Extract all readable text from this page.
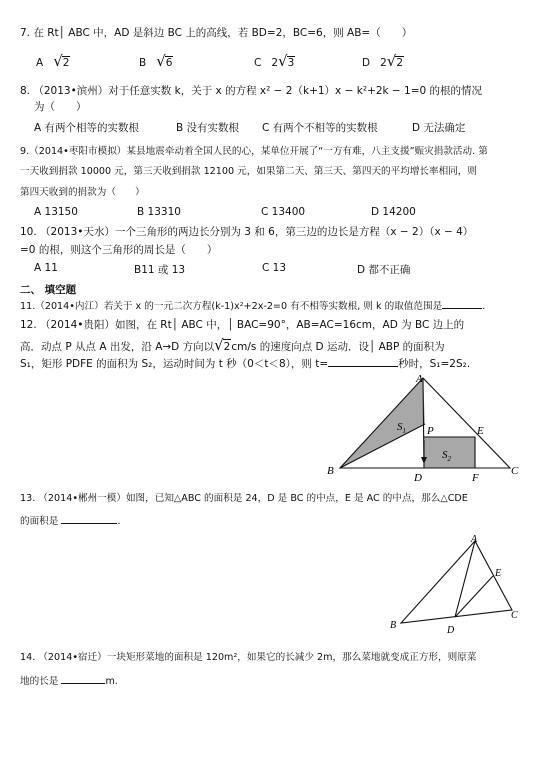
7. 在 Rt│ ABC 中，AD 是斜边 BC 上的高线，若 BD=2，BC=6，则 AB=（　　）
A √2	B √6	C 2√3	D 2√2
8. （2013•滨州）对于任意实数 k，关于 x 的方程 x² − 2（k+1）x − k²+2k − 1=0 的根的情况
为（　　）
A 有两个相等的实数根	B 没有实数根 C 有两个不相等的实数根	D 无法确定
9.（2014•枣阳市模拟）某县地震牵动着全国人民的心，某单位开展了“一方有难，八主支援”赈灾捐款活动. 第
一天收到捐款 10000 元，第三天收到捐款 12100 元，如果第二天、第三天、第四天的平均增长率相同，则
第四天收到的捐款为（　　）
A 13150	B 13310	C 13400	D 14200
10. （2013•天水）一个三角形的两边长分别为 3 和 6，第三边的边长是方程（x − 2）（x − 4）
=0 的根，则这个三角形的周长是（　　）
A 11	B11 或 13	C 13	D 都不正确
二、 填空题
11.（2014•内江）若关于 x 的一元二次方程(k-1)x²+2x-2=0 有不相等实数根, 则 k 的取值范围是	.
12. （2014•贵阳）如图，在 Rt│ ABC 中，│ BAC=90°，AB=AC=16cm，AD 为 BC 边上的
高．动点 P 从点 A 出发，沿 A→D 方向以√2cm/s 的速度向点 D 运动．设│ ABP 的面积为
S₁，矩形 PDFE 的面积为 S₂，运动时间为 t 秒（0＜t＜8），则 t=	秒时，S₁=2S₂.
A
B	C
D
E
F
P
$S_1$
$S_2$
13. （2014•郴州一模）如图，已知△ABC 的面积是 24，D 是 BC 的中点，E 是 AC 的中点，那么△CDE
的面积是	.
A
B
C
D
E
14. （2014•宿迁）一块矩形菜地的面积是 120m²，如果它的长减少 2m，那么菜地就变成正方形，则原菜
地的长是	m.
